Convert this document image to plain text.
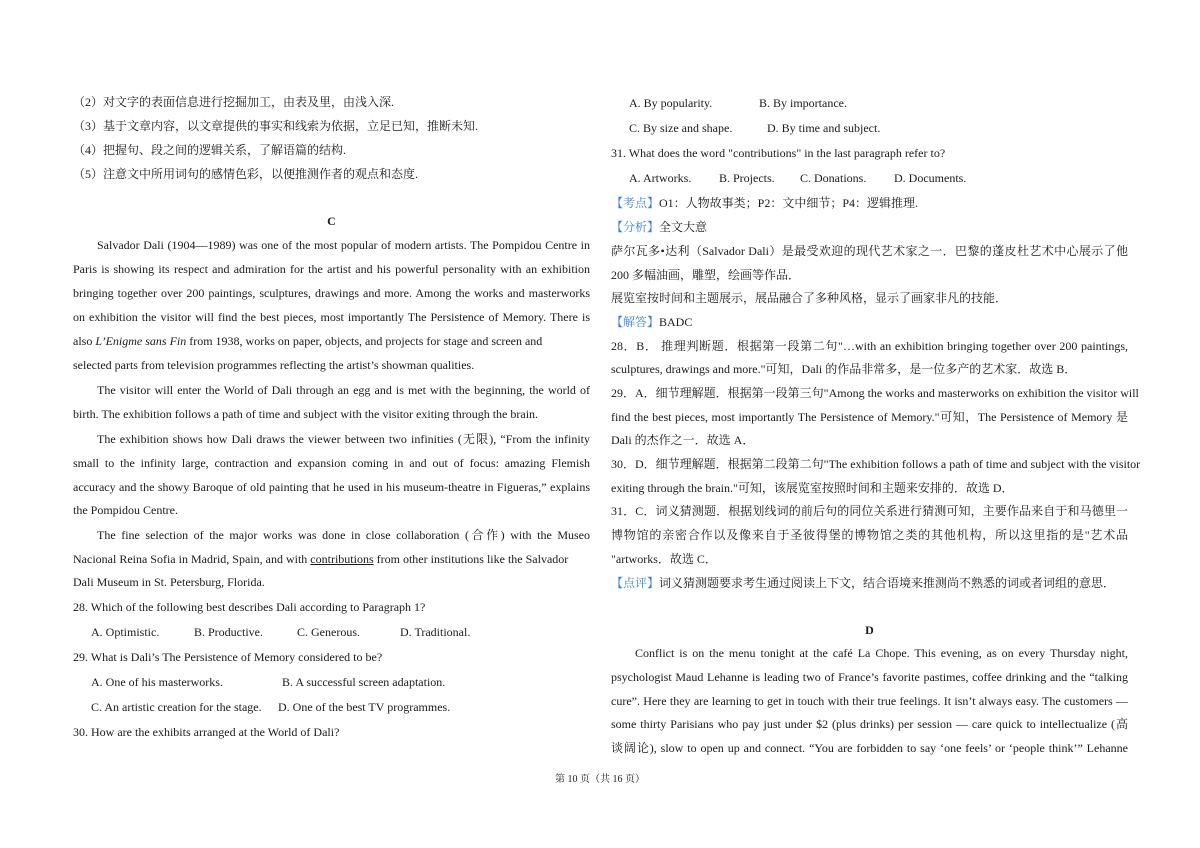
（2）对文字的表面信息进行挖掘加工，由表及里，由浅入深.
（3）基于文章内容，以文章提供的事实和线索为依据，立足已知，推断未知.
（4）把握句、段之间的逻辑关系，了解语篇的结构.
（5）注意文中所用词句的感情色彩，以便推测作者的观点和态度.
C
Salvador Dali (1904—1989) was one of the most popular of modern artists. The Pompidou Centre in
Paris is showing its respect and admiration for the artist and his powerful personality with an exhibition
bringing together over 200 paintings, sculptures, drawings and more. Among the works and masterworks
on exhibition the visitor will find the best pieces, most importantly The Persistence of Memory. There is
also L’Enigme sans Fin from 1938, works on paper, objects, and projects for stage and screen and
selected parts from television programmes reflecting the artist’s showman qualities.
The visitor will enter the World of Dali through an egg and is met with the beginning, the world of
birth. The exhibition follows a path of time and subject with the visitor exiting through the brain.
The exhibition shows how Dali draws the viewer between two infinities (无限), “From the infinity
small to the infinity large, contraction and expansion coming in and out of focus: amazing Flemish
accuracy and the showy Baroque of old painting that he used in his museum-theatre in Figueras,” explains
the Pompidou Centre.
The fine selection of the major works was done in close collaboration (合作) with the Museo
Nacional Reina Sofia in Madrid, Spain, and with contributions from other institutions like the Salvador
Dali Museum in St. Petersburg, Florida.
28. Which of the following best describes Dali according to Paragraph 1?
A. Optimistic.	B. Productive.	C. Generous.	D. Traditional.
29. What is Dali’s The Persistence of Memory considered to be?
A. One of his masterworks.	B. A successful screen adaptation.
C. An artistic creation for the stage. D. One of the best TV programmes.
30. How are the exhibits arranged at the World of Dali?
A. By popularity.	B. By importance.
C. By size and shape.	D. By time and subject.
31. What does the word "contributions" in the last paragraph refer to?
A. Artworks. B. Projects. C. Donations. D. Documents.
【考点】O1：人物故事类；P2：文中细节；P4：逻辑推理.
【分析】全文大意
萨尔瓦多•达利（Salvador Dali）是最受欢迎的现代艺术家之一．巴黎的蓬皮杜艺术中心展示了他
200 多幅油画，雕塑，绘画等作品．
展览室按时间和主题展示，展品融合了多种风格，显示了画家非凡的技能．
【解答】BADC
28．B． 推理判断题．根据第一段第二句"…with an exhibition bringing together over 200 paintings,
sculptures, drawings and more."可知，Dali 的作品非常多，是一位多产的艺术家．故选 B．
29．A．细节理解题．根据第一段第三句"Among the works and masterworks on exhibition the visitor will
find the best pieces, most importantly The Persistence of Memory."可知，The Persistence of Memory 是
Dali 的杰作之一．故选 A．
30．D．细节理解题．根据第二段第二句"The exhibition follows a path of time and subject with the visitor
exiting through the brain."可知，该展览室按照时间和主题来安排的．故选 D．
31．C．词义猜测题．根据划线词的前后句的同位关系进行猜测可知，主要作品来自于和马德里一
博物馆的亲密合作以及像来自于圣彼得堡的博物馆之类的其他机构，所以这里指的是"艺术品
"artworks．故选 C．
【点评】词义猜测题要求考生通过阅读上下文，结合语境来推测尚不熟悉的词或者词组的意思．
D
Conflict is on the menu tonight at the café La Chope. This evening, as on every Thursday night,
psychologist Maud Lehanne is leading two of France’s favorite pastimes, coffee drinking and the “talking
cure”. Here they are learning to get in touch with their true feelings. It isn’t always easy. The customers —
some thirty Parisians who pay just under $2 (plus drinks) per session — care quick to intellectualize (高
谈阔论), slow to open up and connect. “You are forbidden to say ‘one feels’ or ‘people think’” Lehanne
第 10 页（共 16 页）
